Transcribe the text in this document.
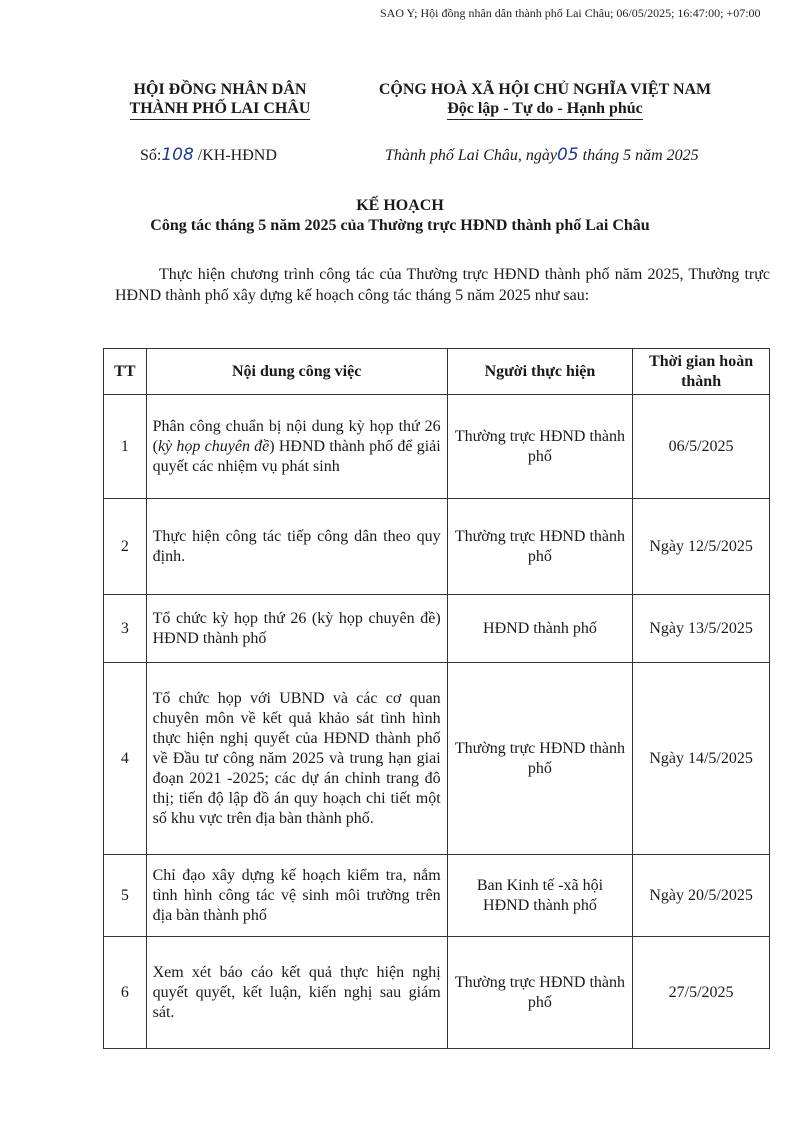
SAO Y; Hội đồng nhân dân thành phố Lai Châu; 06/05/2025; 16:47:00; +07:00
HỘI ĐỒNG NHÂN DÂN
THÀNH PHỐ LAI CHÂU
CỘNG HOÀ XÃ HỘI CHỦ NGHĨA VIỆT NAM
Độc lập - Tự do - Hạnh phúc
Số:108 /KH-HĐND	Thành phố Lai Châu, ngày05 tháng 5 năm 2025
KẾ HOẠCH
Công tác tháng 5 năm 2025 của Thường trực HĐND thành phố Lai Châu
Thực hiện chương trình công tác của Thường trực HĐND thành phố năm 2025, Thường trực HĐND thành phố xây dựng kế hoạch công tác tháng 5 năm 2025 như sau:
TT	Nội dung công việc	Người thực hiện	Thời gian hoàn thành
1	Phân công chuẩn bị nội dung kỳ họp thứ 26 (kỳ họp chuyên đề) HĐND thành phố để giải quyết các nhiệm vụ phát sinh	Thường trực HĐND thành phố	06/5/2025
2	Thực hiện công tác tiếp công dân theo quy định.	Thường trực HĐND thành phố	Ngày 12/5/2025
3	Tổ chức kỳ họp thứ 26 (kỳ họp chuyên đề) HĐND thành phố	HĐND thành phố	Ngày 13/5/2025
4	Tổ chức họp với UBND và các cơ quan chuyên môn về kết quả khảo sát tình hình thực hiện nghị quyết của HĐND thành phố về Đầu tư công năm 2025 và trung hạn giai đoạn 2021 -2025; các dự án chỉnh trang đô thị; tiến độ lập đồ án quy hoạch chi tiết một số khu vực trên địa bàn thành phố.	Thường trực HĐND thành phố	Ngày 14/5/2025
5	Chỉ đạo xây dựng kế hoạch kiểm tra, nắm tình hình công tác vệ sinh môi trường trên địa bàn thành phố	Ban Kinh tế -xã hội HĐND thành phố	Ngày 20/5/2025
6	Xem xét báo cáo kết quả thực hiện nghị quyết quyết, kết luận, kiến nghị sau giám sát.	Thường trực HĐND thành phố	27/5/2025
